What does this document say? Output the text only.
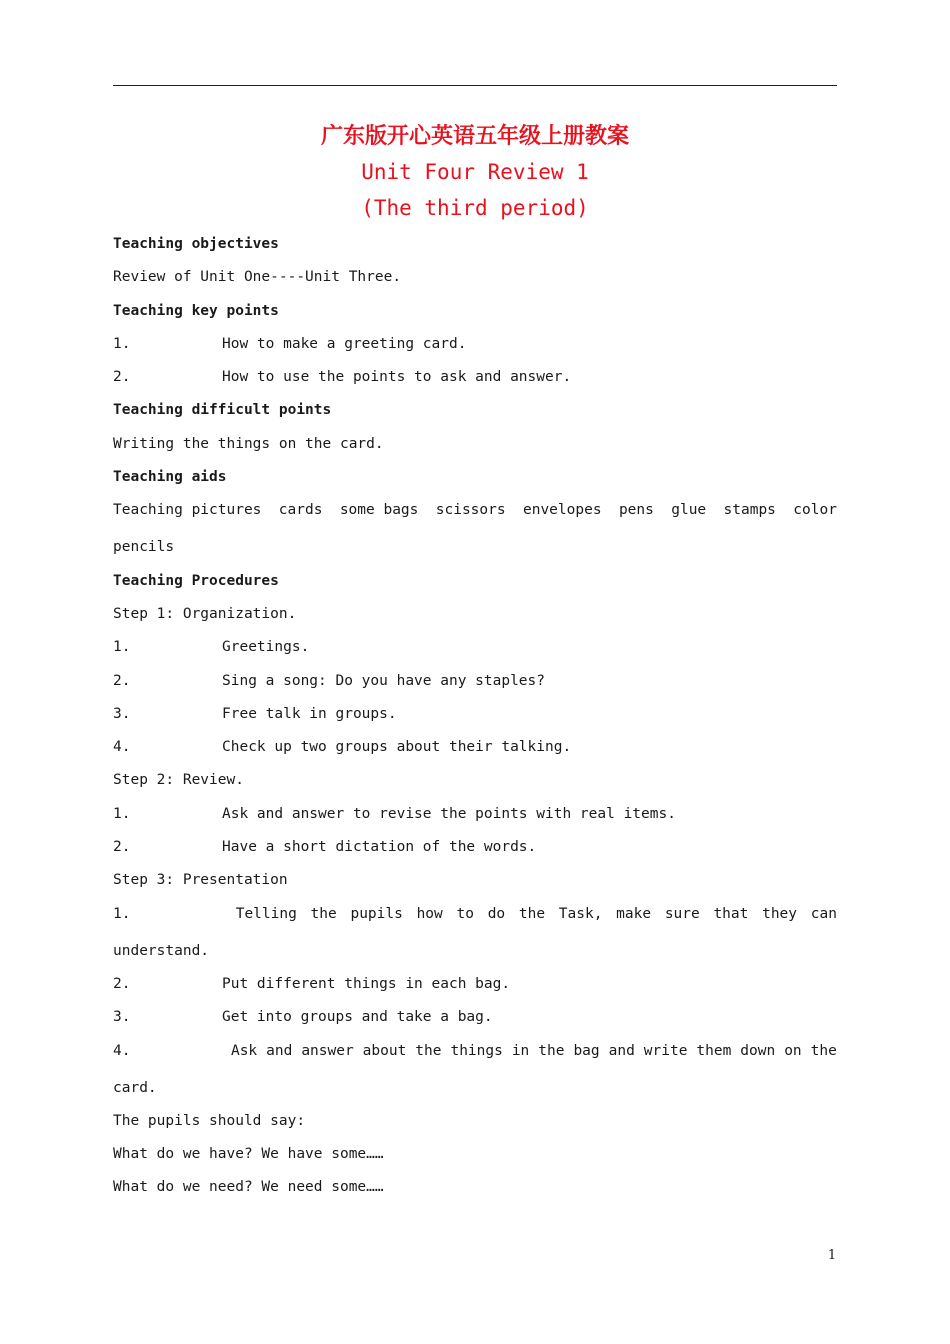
广东版开心英语五年级上册教案
Unit Four Review 1
(The third period)
Teaching objectives
Review of Unit One----Unit Three.
Teaching key points
1.	How to make a greeting card.
2.	How to use the points to ask and answer.
Teaching difficult points
Writing the things on the card.
Teaching aids
Teaching pictures cards some bags scissors envelopes pens glue stamps color
pencils
Teaching Procedures
Step 1: Organization.
1.	Greetings.
2.	Sing a song: Do you have any staples?
3.	Free talk in groups.
4.	Check up two groups about their talking.
Step 2: Review.
1.	Ask and answer to revise the points with real items.
2.	Have a short dictation of the words.
Step 3: Presentation
1.	Telling the pupils how to do the Task, make sure that they can
understand.
2.	Put different things in each bag.
3.	Get into groups and take a bag.
4.	Ask and answer about the things in the bag and write them down on the
card.
The pupils should say:
What do we have? We have some……
What do we need? We need some……
1
